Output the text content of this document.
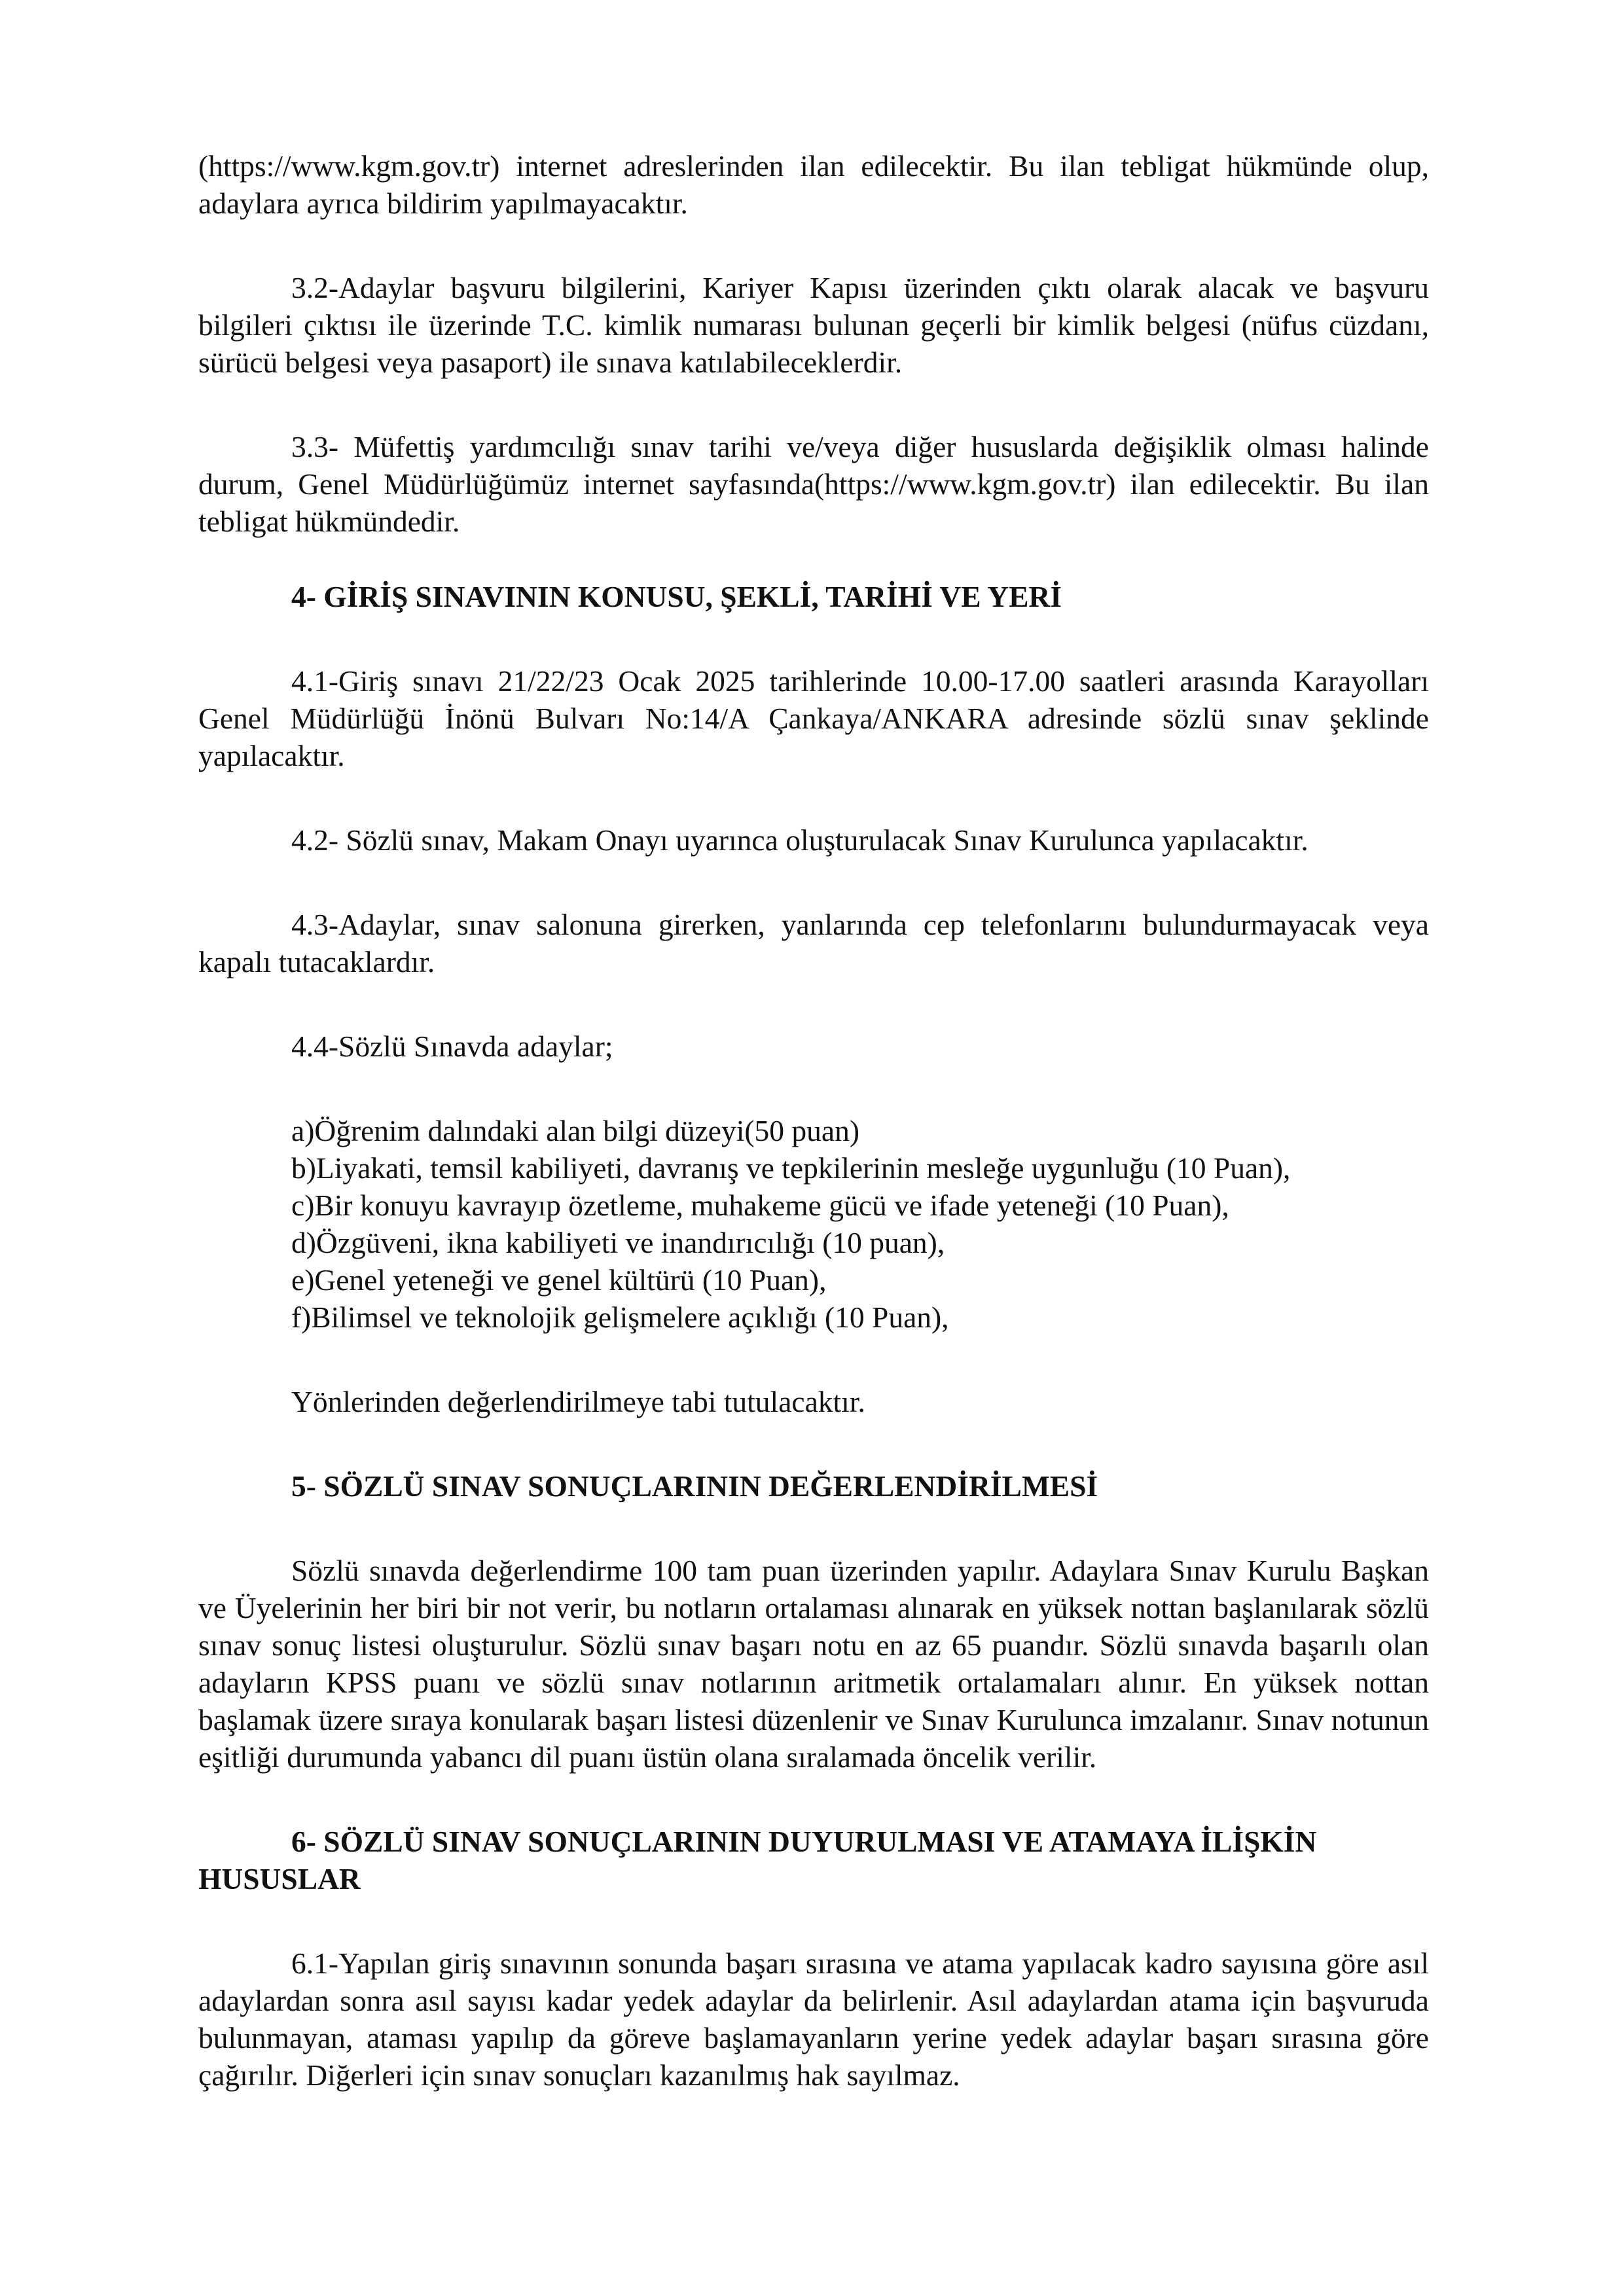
(https://www.kgm.gov.tr) internet adreslerinden ilan edilecektir. Bu ilan tebligat hükmünde olup, adaylara ayrıca bildirim yapılmayacaktır.

3.2-Adaylar başvuru bilgilerini, Kariyer Kapısı üzerinden çıktı olarak alacak ve başvuru bilgileri çıktısı ile üzerinde T.C. kimlik numarası bulunan geçerli bir kimlik belgesi (nüfus cüzdanı, sürücü belgesi veya pasaport) ile sınava katılabileceklerdir.

3.3- Müfettiş yardımcılığı sınav tarihi ve/veya diğer hususlarda değişiklik olması halinde durum, Genel Müdürlüğümüz internet sayfasında(https://www.kgm.gov.tr) ilan edilecektir. Bu ilan tebligat hükmündedir.

4- GİRİŞ SINAVININ KONUSU, ŞEKLİ, TARİHİ VE YERİ

4.1-Giriş sınavı 21/22/23 Ocak 2025 tarihlerinde 10.00-17.00 saatleri arasında Karayolları Genel Müdürlüğü İnönü Bulvarı No:14/A Çankaya/ANKARA adresinde sözlü sınav şeklinde yapılacaktır.

4.2- Sözlü sınav, Makam Onayı uyarınca oluşturulacak Sınav Kurulunca yapılacaktır.

4.3-Adaylar, sınav salonuna girerken, yanlarında cep telefonlarını bulundurmayacak veya kapalı tutacaklardır.

4.4-Sözlü Sınavda adaylar;

a)Öğrenim dalındaki alan bilgi düzeyi(50 puan)

b)Liyakati, temsil kabiliyeti, davranış ve tepkilerinin mesleğe uygunluğu (10 Puan),

c)Bir konuyu kavrayıp özetleme, muhakeme gücü ve ifade yeteneği (10 Puan),

d)Özgüveni, ikna kabiliyeti ve inandırıcılığı (10 puan),

e)Genel yeteneği ve genel kültürü (10 Puan),

f)Bilimsel ve teknolojik gelişmelere açıklığı (10 Puan),

Yönlerinden değerlendirilmeye tabi tutulacaktır.

5- SÖZLÜ SINAV SONUÇLARININ DEĞERLENDİRİLMESİ

Sözlü sınavda değerlendirme 100 tam puan üzerinden yapılır. Adaylara Sınav Kurulu Başkan ve Üyelerinin her biri bir not verir, bu notların ortalaması alınarak en yüksek nottan başlanılarak sözlü sınav sonuç listesi oluşturulur. Sözlü sınav başarı notu en az 65 puandır. Sözlü sınavda başarılı olan adayların KPSS puanı ve sözlü sınav notlarının aritmetik ortalamaları alınır. En yüksek nottan başlamak üzere sıraya konularak başarı listesi düzenlenir ve Sınav Kurulunca imzalanır. Sınav notunun eşitliği durumunda yabancı dil puanı üstün olana sıralamada öncelik verilir.

6- SÖZLÜ SINAV SONUÇLARININ DUYURULMASI VE ATAMAYA İLİŞKİN HUSUSLAR

6.1-Yapılan giriş sınavının sonunda başarı sırasına ve atama yapılacak kadro sayısına göre asıl adaylardan sonra asıl sayısı kadar yedek adaylar da belirlenir. Asıl adaylardan atama için başvuruda bulunmayan, ataması yapılıp da göreve başlamayanların yerine yedek adaylar başarı sırasına göre çağırılır. Diğerleri için sınav sonuçları kazanılmış hak sayılmaz.
